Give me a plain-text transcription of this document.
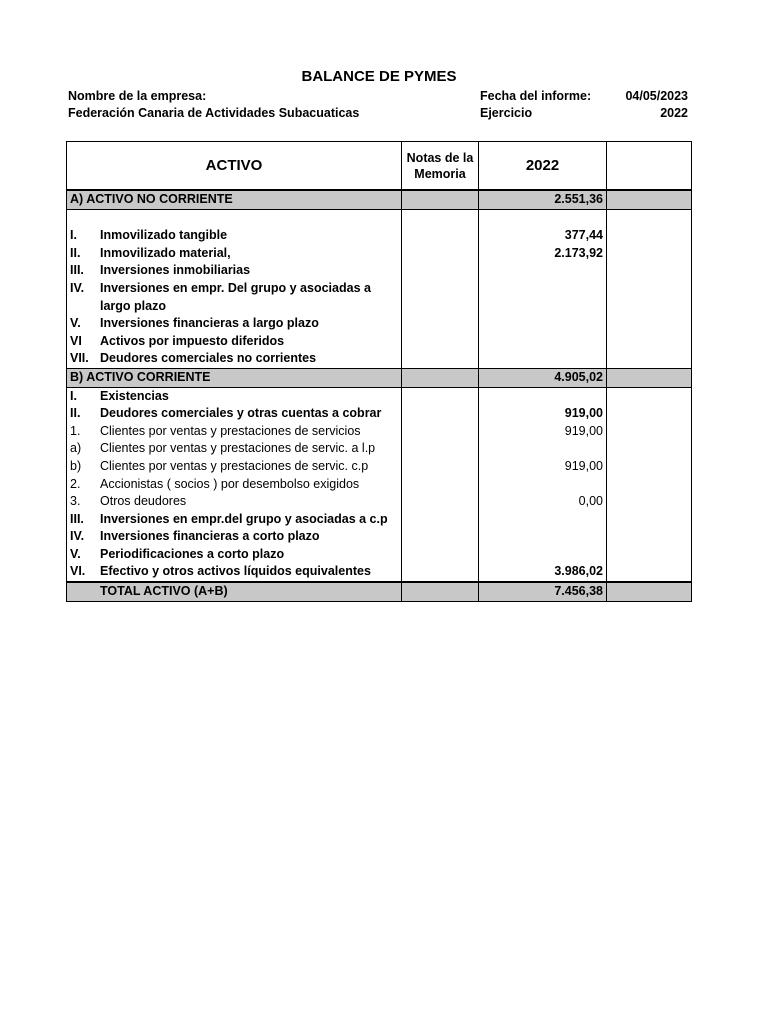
BALANCE DE PYMES
Nombre de la empresa:
Federación Canaria de Actividades Subacuaticas
Fecha del informe:	04/05/2023
Ejercicio	2022
ACTIVO	Notas de la Memoria	2022	
A) ACTIVO NO CORRIENTE		2.551,36	

I. Inmovilizado tangible		377,44	

II. Inmovilizado material,		2.173,92	

III. Inversiones inmobiliarias			

IV. Inversiones en empr. Del grupo y asociadas a largo plazo			

V. Inversiones financieras a largo plazo			

VI Activos por impuesto diferidos			

VII. Deudores comerciales no corrientes			

B) ACTIVO CORRIENTE		4.905,02	

I. Existencias			

II. Deudores comerciales y otras cuentas a cobrar		919,00	

1. Clientes por ventas y prestaciones de servicios		919,00	

a) Clientes por ventas y prestaciones de servic. a l.p			

b) Clientes por ventas y prestaciones de servic. c.p		919,00	

2. Accionistas ( socios ) por desembolso exigidos			

3. Otros deudores		0,00	

III. Inversiones en empr.del grupo y asociadas a c.p			

IV. Inversiones financieras a corto plazo			

V. Periodificaciones a corto plazo			

VI. Efectivo y otros activos líquidos equivalentes		3.986,02	
TOTAL ACTIVO (A+B)		7.456,38	
